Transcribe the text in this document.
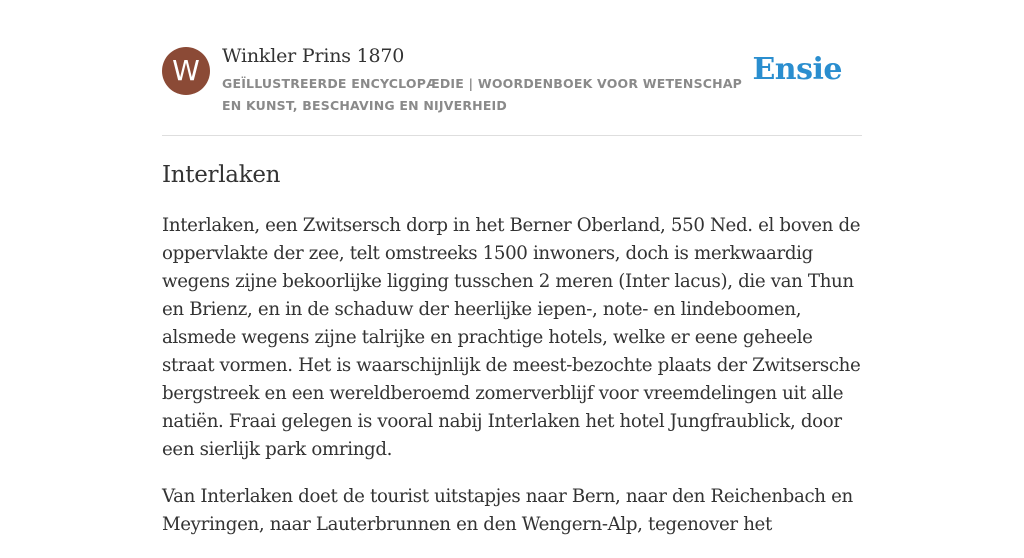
W	Winkler Prins 1870
GEÏLLUSTREERDE ENCYCLOPÆDIE | WOORDENBOEK VOOR WETENSCHAP EN KUNST, BESCHAVING EN NIJVERHEID
Ensie
Interlaken

Interlaken, een Zwitsersch dorp in het Berner Oberland, 550 Ned. el boven de oppervlakte der zee, telt omstreeks 1500 inwoners, doch is merkwaardig wegens zijne bekoorlijke ligging tusschen 2 meren (Inter lacus), die van Thun en Brienz, en in de schaduw der heerlijke iepen-, note- en lindeboomen, alsmede wegens zijne talrijke en prachtige hotels, welke er eene geheele straat vormen. Het is waarschijnlijk de meest-bezochte plaats der Zwitsersche bergstreek en een wereldberoemd zomerverblijf voor vreemdelingen uit alle natiën. Fraai gelegen is vooral nabij Interlaken het hotel Jungfraublick, door een sierlijk park omringd.

Van Interlaken doet de tourist uitstapjes naar Bern, naar den Reichenbach en Meyringen, naar Lauterbrunnen en den Wengern-Alp, tegenover het
